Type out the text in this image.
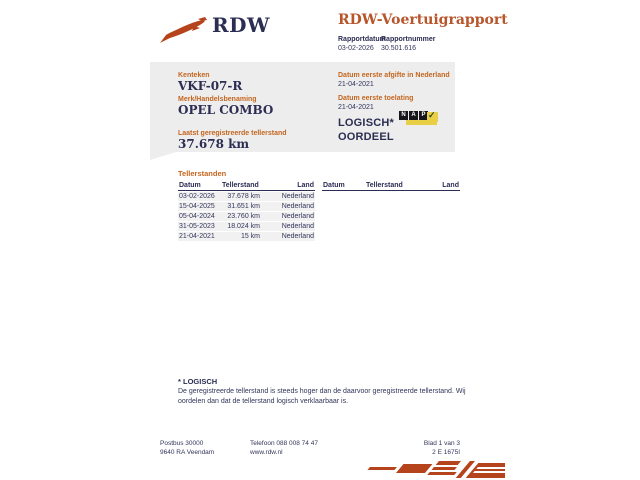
RDW	RDW-Voertuigrapport
Rapportdatum
03-02-2026
Rapportnummer
30.501.616
Kenteken
VKF-07-R
Merk/Handelsbenaming
OPEL COMBO
Laatst geregistreerde tellerstand
37.678 km
Datum eerste afgifte in Nederland
21-04-2021
Datum eerste toelating
21-04-2021
LOGISCH*
OORDEEL
N A P ✓
Tellerstanden
Datum	Tellerstand	Land
03-02-2026	37.678 km	Nederland
15-04-2025	31.651 km	Nederland
05-04-2024	23.760 km	Nederland
31-05-2023	18.024 km	Nederland
21-04-2021	15 km	Nederland
Datum	Tellerstand	Land
* LOGISCH
De geregistreerde tellerstand is steeds hoger dan de daarvoor geregistreerde tellerstand. Wij oordelen dan dat de tellerstand logisch verklaarbaar is.
Postbus 30000
9640 RA Veendam
Telefoon 088 008 74 47
www.rdw.nl
Blad 1 van 3
2 E 1675I
